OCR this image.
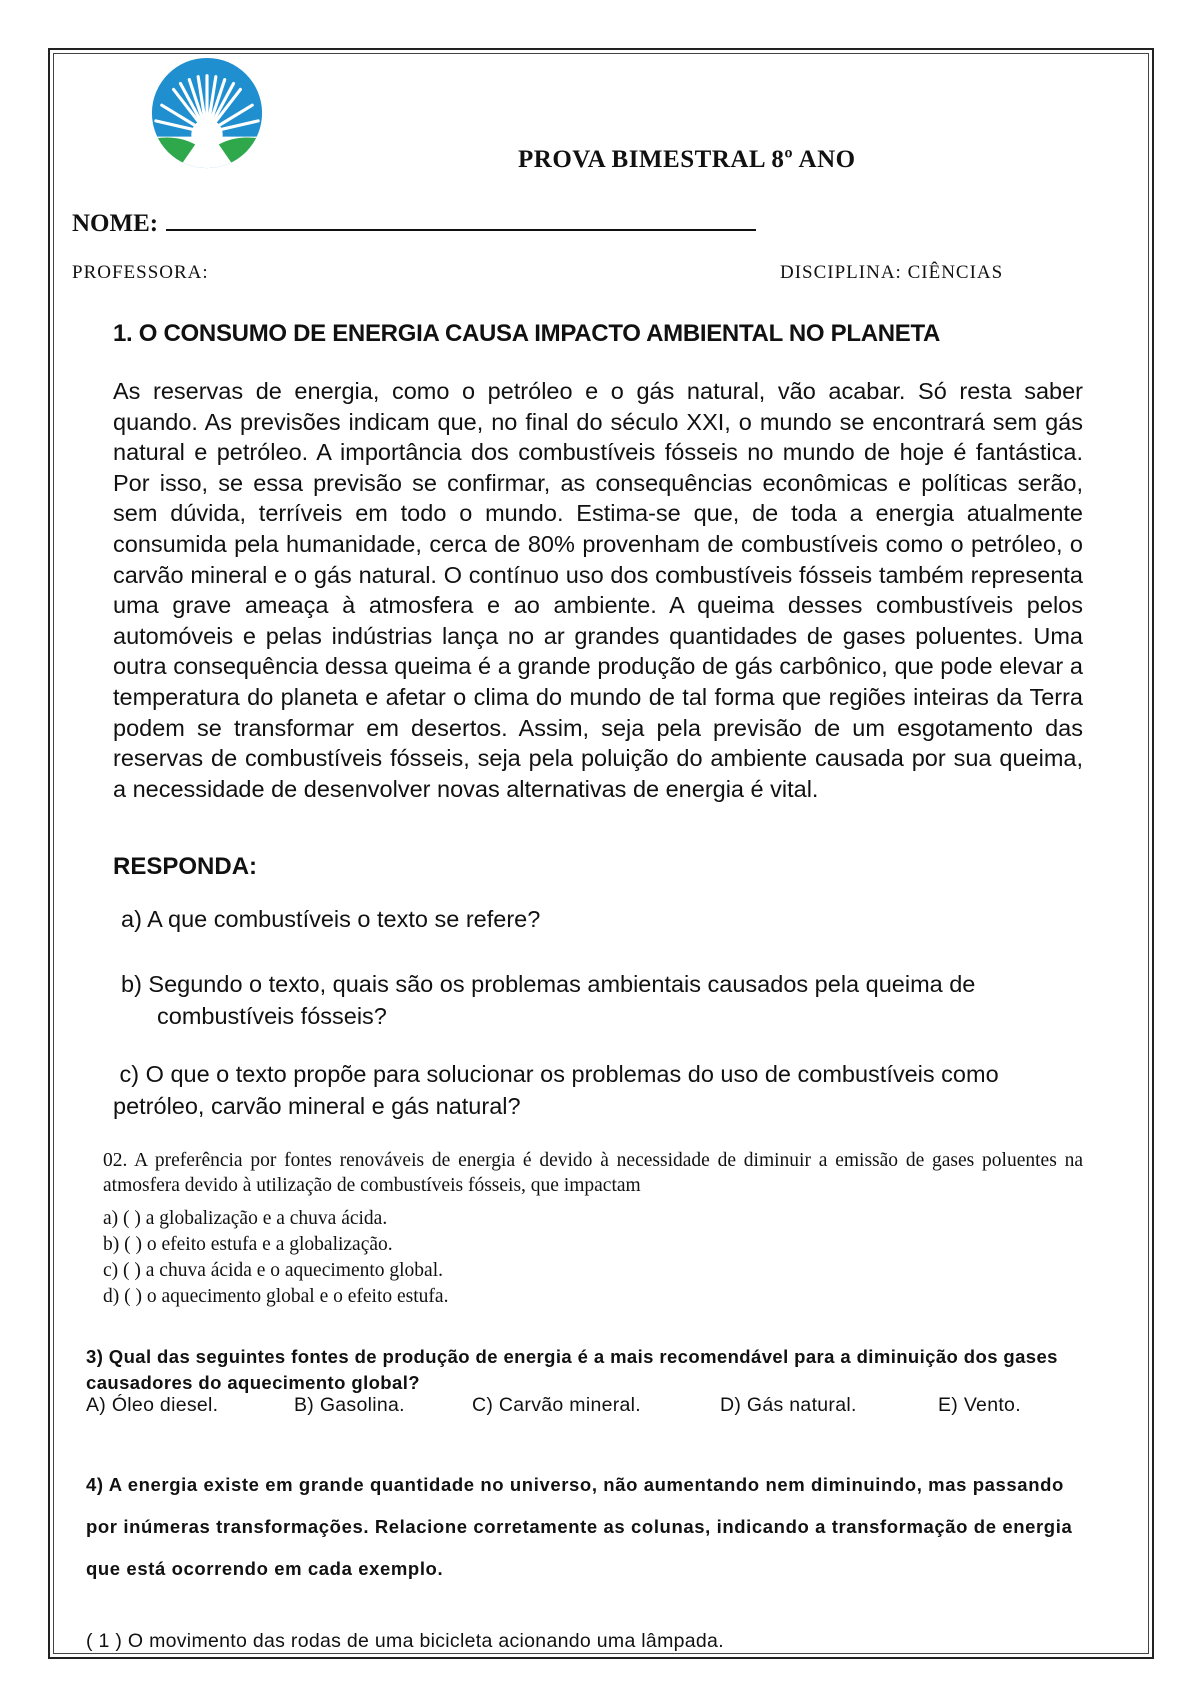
PROVA BIMESTRAL 8º ANO
NOME:
PROFESSORA:	DISCIPLINA: CIÊNCIAS
1. O CONSUMO DE ENERGIA CAUSA IMPACTO AMBIENTAL NO PLANETA
As reservas de energia, como o petróleo e o gás natural, vão acabar. Só resta saber quando. As previsões indicam que, no final do século XXI, o mundo se encontrará sem gás natural e petróleo. A importância dos combustíveis fósseis no mundo de hoje é fantástica. Por isso, se essa previsão se confirmar, as consequências econômicas e políticas serão, sem dúvida, terríveis em todo o mundo. Estima-se que, de toda a energia atualmente consumida pela humanidade, cerca de 80% provenham de combustíveis como o petróleo, o carvão mineral e o gás natural. O contínuo uso dos combustíveis fósseis também representa uma grave ameaça à atmosfera e ao ambiente. A queima desses combustíveis pelos automóveis e pelas indústrias lança no ar grandes quantidades de gases poluentes. Uma outra consequência dessa queima é a grande produção de gás carbônico, que pode elevar a temperatura do planeta e afetar o clima do mundo de tal forma que regiões inteiras da Terra podem se transformar em desertos. Assim, seja pela previsão de um esgotamento das reservas de combustíveis fósseis, seja pela poluição do ambiente causada por sua queima, a necessidade de desenvolver novas alternativas de energia é vital.
RESPONDA:
a) A que combustíveis o texto se refere?
b) Segundo o texto, quais são os problemas ambientais causados pela queima de
combustíveis fósseis?
c) O que o texto propõe para solucionar os problemas do uso de combustíveis como
petróleo, carvão mineral e gás natural?
02. A preferência por fontes renováveis de energia é devido à necessidade de diminuir a emissão de gases poluentes na atmosfera devido à utilização de combustíveis fósseis, que impactam
a) ( ) a globalização e a chuva ácida.
b) ( ) o efeito estufa e a globalização.
c) ( ) a chuva ácida e o aquecimento global.
d) ( ) o aquecimento global e o efeito estufa.
3) Qual das seguintes fontes de produção de energia é a mais recomendável para a diminuição dos gases causadores do aquecimento global?
A) Óleo diesel.	B) Gasolina.	C) Carvão mineral.	D) Gás natural.	E) Vento.
4) A energia existe em grande quantidade no universo, não aumentando nem diminuindo, mas passando por inúmeras transformações. Relacione corretamente as colunas, indicando a transformação de energia que está ocorrendo em cada exemplo.
( 1 ) O movimento das rodas de uma bicicleta acionando uma lâmpada.
